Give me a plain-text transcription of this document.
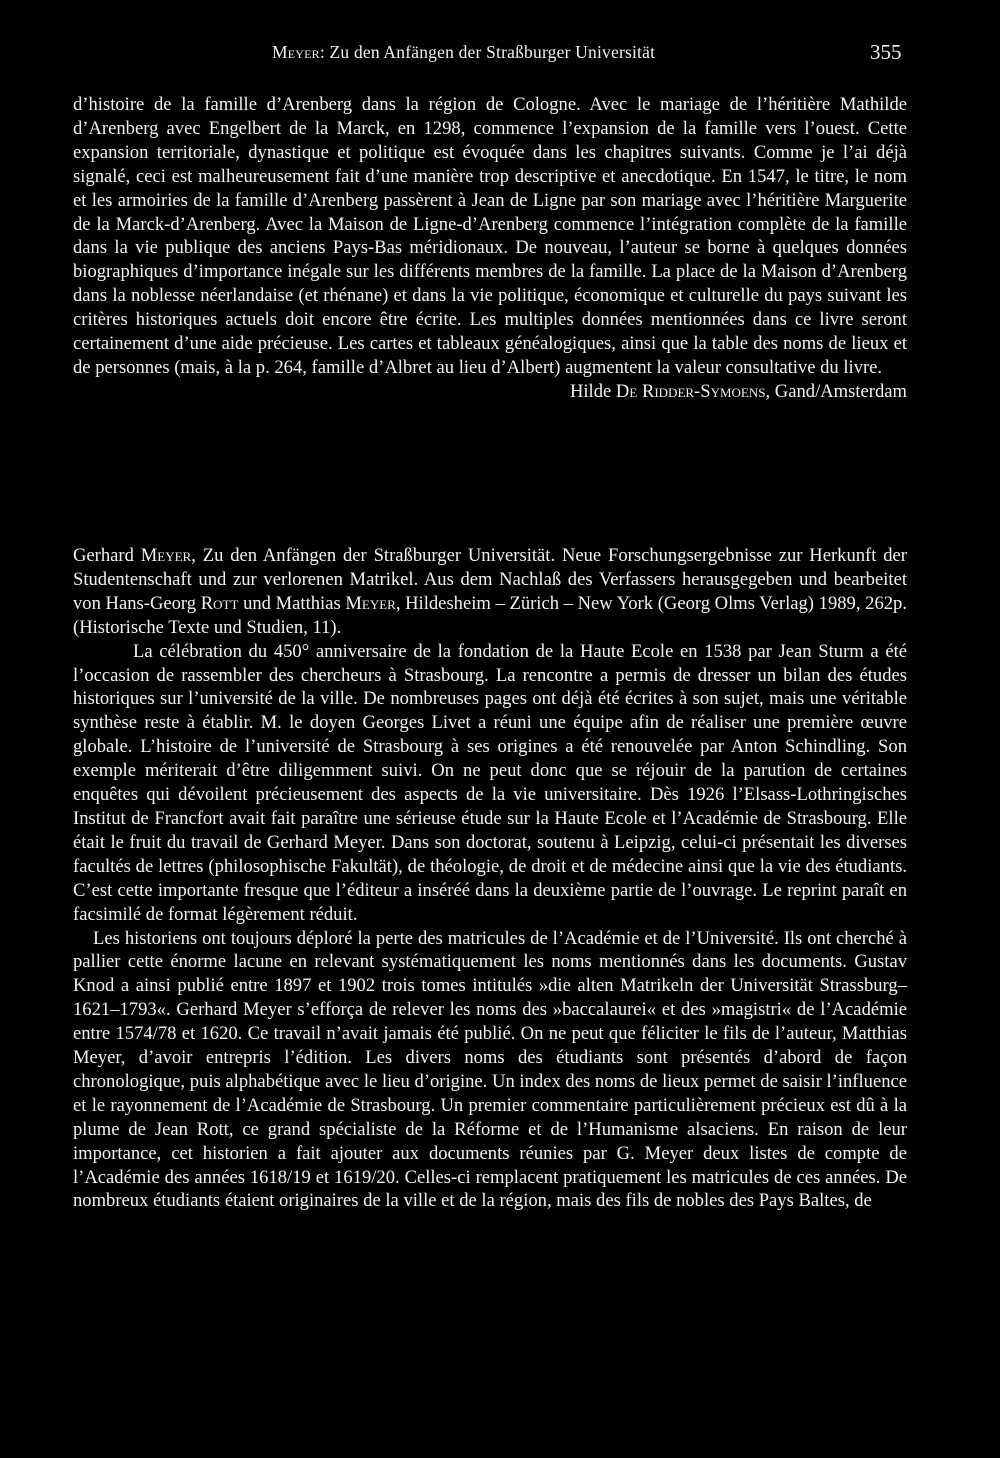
Meyer: Zu den Anfängen der Straßburger Universität	355

d’histoire de la famille d’Arenberg dans la région de Cologne. Avec le mariage de l’héritière Mathilde d’Arenberg avec Engelbert de la Marck, en 1298, commence l’expansion de la famille vers l’ouest. Cette expansion territoriale, dynastique et politique est évoquée dans les chapitres suivants. Comme je l’ai déjà signalé, ceci est malheureusement fait d’une manière trop descriptive et anecdotique. En 1547, le titre, le nom et les armoiries de la famille d’Arenberg passèrent à Jean de Ligne par son mariage avec l’héritière Marguerite de la Marck-d’Arenberg. Avec la Maison de Ligne-d’Arenberg commence l’intégration complète de la famille dans la vie publique des anciens Pays-Bas méridionaux. De nouveau, l’auteur se borne à quelques données biographiques d’importance inégale sur les différents membres de la famille. La place de la Maison d’Arenberg dans la noblesse néerlandaise (et rhénane) et dans la vie politique, économique et culturelle du pays suivant les critères historiques actuels doit encore être écrite. Les multiples données mentionnées dans ce livre seront certainement d’une aide précieuse. Les cartes et tableaux généalogiques, ainsi que la table des noms de lieux et de personnes (mais, à la p. 264, famille d’Albret au lieu d’Albert) augmentent la valeur consultative du livre.

Hilde De Ridder-Symoens, Gand/Amsterdam

Gerhard Meyer, Zu den Anfängen der Straßburger Universität. Neue Forschungsergebnisse zur Herkunft der Studentenschaft und zur verlorenen Matrikel. Aus dem Nachlaß des Verfassers herausgegeben und bearbeitet von Hans-Georg Rott und Matthias Meyer, Hildesheim – Zürich – New York (Georg Olms Verlag) 1989, 262p. (Historische Texte und Studien, 11).

La célébration du 450° anniversaire de la fondation de la Haute Ecole en 1538 par Jean Sturm a été l’occasion de rassembler des chercheurs à Strasbourg. La rencontre a permis de dresser un bilan des études historiques sur l’université de la ville. De nombreuses pages ont déjà été écrites à son sujet, mais une véritable synthèse reste à établir. M. le doyen Georges Livet a réuni une équipe afin de réaliser une première œuvre globale. L’histoire de l’université de Strasbourg à ses origines a été renouvelée par Anton Schindling. Son exemple mériterait d’être diligemment suivi. On ne peut donc que se réjouir de la parution de certaines enquêtes qui dévoilent précieusement des aspects de la vie universitaire. Dès 1926 l’Elsass-Lothringisches Institut de Francfort avait fait paraître une sérieuse étude sur la Haute Ecole et l’Académie de Strasbourg. Elle était le fruit du travail de Gerhard Meyer. Dans son doctorat, soutenu à Leipzig, celui-ci présentait les diverses facultés de lettres (philosophische Fakultät), de théologie, de droit et de médecine ainsi que la vie des étudiants. C’est cette importante fresque que l’éditeur a inséréé dans la deuxième partie de l’ouvrage. Le reprint paraît en facsimilé de format légèrement réduit.

Les historiens ont toujours déploré la perte des matricules de l’Académie et de l’Université. Ils ont cherché à pallier cette énorme lacune en relevant systématiquement les noms mentionnés dans les documents. Gustav Knod a ainsi publié entre 1897 et 1902 trois tomes intitulés »die alten Matrikeln der Universität Strassburg–1621–1793«. Gerhard Meyer s’efforça de relever les noms des »baccalaurei« et des »magistri« de l’Académie entre 1574/78 et 1620. Ce travail n’avait jamais été publié. On ne peut que féliciter le fils de l’auteur, Matthias Meyer, d’avoir entrepris l’édition. Les divers noms des étudiants sont présentés d’abord de façon chronologique, puis alphabétique avec le lieu d’origine. Un index des noms de lieux permet de saisir l’influence et le rayonnement de l’Académie de Strasbourg. Un premier commentaire particulièrement précieux est dû à la plume de Jean Rott, ce grand spécialiste de la Réforme et de l’Humanisme alsaciens. En raison de leur importance, cet historien a fait ajouter aux documents réunies par G. Meyer deux listes de compte de l’Académie des années 1618/19 et 1619/20. Celles-ci remplacent pratiquement les matricules de ces années. De nombreux étudiants étaient originaires de la ville et de la région, mais des fils de nobles des Pays Baltes, de
